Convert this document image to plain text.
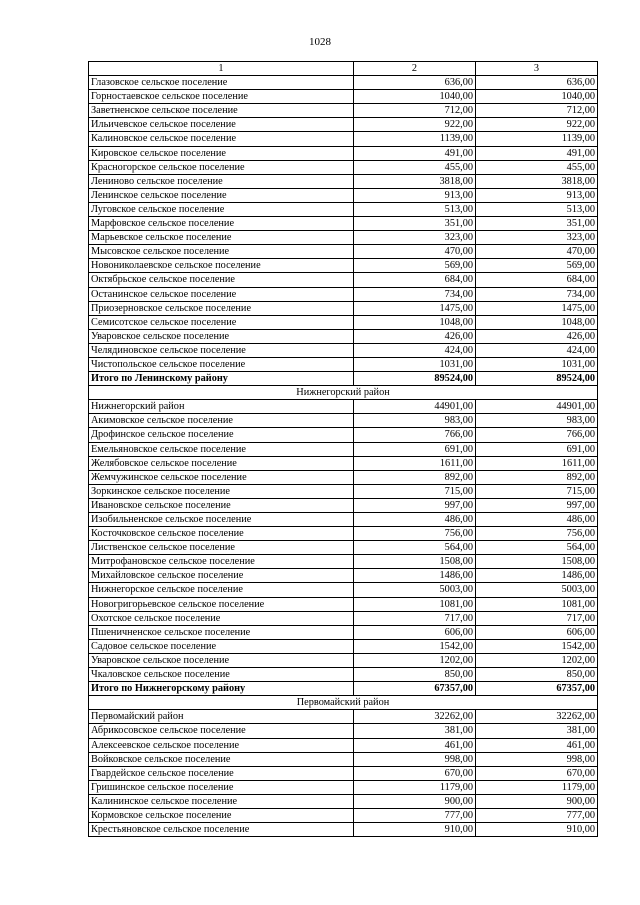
1028
1	2	3
Глазовское сельское поселение	636,00	636,00
Горностаевское сельское поселение	1040,00	1040,00
Заветненское сельское поселение	712,00	712,00
Ильичевское сельское поселение	922,00	922,00
Калиновское сельское поселение	1139,00	1139,00
Кировское сельское поселение	491,00	491,00
Красногорское сельское поселение	455,00	455,00
Лениново сельское поселение	3818,00	3818,00
Ленинское сельское поселение	913,00	913,00
Луговское сельское поселение	513,00	513,00
Марфовское сельское поселение	351,00	351,00
Марьевское сельское поселение	323,00	323,00
Мысовское сельское поселение	470,00	470,00
Новониколаевское сельское поселение	569,00	569,00
Октябрьское сельское поселение	684,00	684,00
Останинское сельское поселение	734,00	734,00
Приозерновское сельское поселение	1475,00	1475,00
Семисотское сельское поселение	1048,00	1048,00
Уваровское сельское поселение	426,00	426,00
Челядиновское сельское поселение	424,00	424,00
Чистопольское сельское поселение	1031,00	1031,00
Итого по Ленинскому району	89524,00	89524,00
Нижнегорский район		
Нижнегорский район	44901,00	44901,00
Акимовское сельское поселение	983,00	983,00
Дрофинское сельское поселение	766,00	766,00
Емельяновское сельское поселение	691,00	691,00
Желябовское сельское поселение	1611,00	1611,00
Жемчужинское сельское поселение	892,00	892,00
Зоркинское сельское поселение	715,00	715,00
Ивановское сельское поселение	997,00	997,00
Изобильненское сельское поселение	486,00	486,00
Косточковское сельское поселение	756,00	756,00
Лиственское сельское поселение	564,00	564,00
Митрофановское сельское поселение	1508,00	1508,00
Михайловское сельское поселение	1486,00	1486,00
Нижнегорское сельское поселение	5003,00	5003,00
Новогригорьевское сельское поселение	1081,00	1081,00
Охотское сельское поселение	717,00	717,00
Пшеничненское сельское поселение	606,00	606,00
Садовое сельское поселение	1542,00	1542,00
Уваровское сельское поселение	1202,00	1202,00
Чкаловское сельское поселение	850,00	850,00
Итого по Нижнегорскому району	67357,00	67357,00
Первомайский район		
Первомайский район	32262,00	32262,00
Абрикосовское сельское поселение	381,00	381,00
Алексеевское сельское поселение	461,00	461,00
Войковское сельское поселение	998,00	998,00
Гвардейское сельское поселение	670,00	670,00
Гришинское сельское поселение	1179,00	1179,00
Калининское сельское поселение	900,00	900,00
Кормовское сельское поселение	777,00	777,00
Крестьяновское сельское поселение	910,00	910,00
